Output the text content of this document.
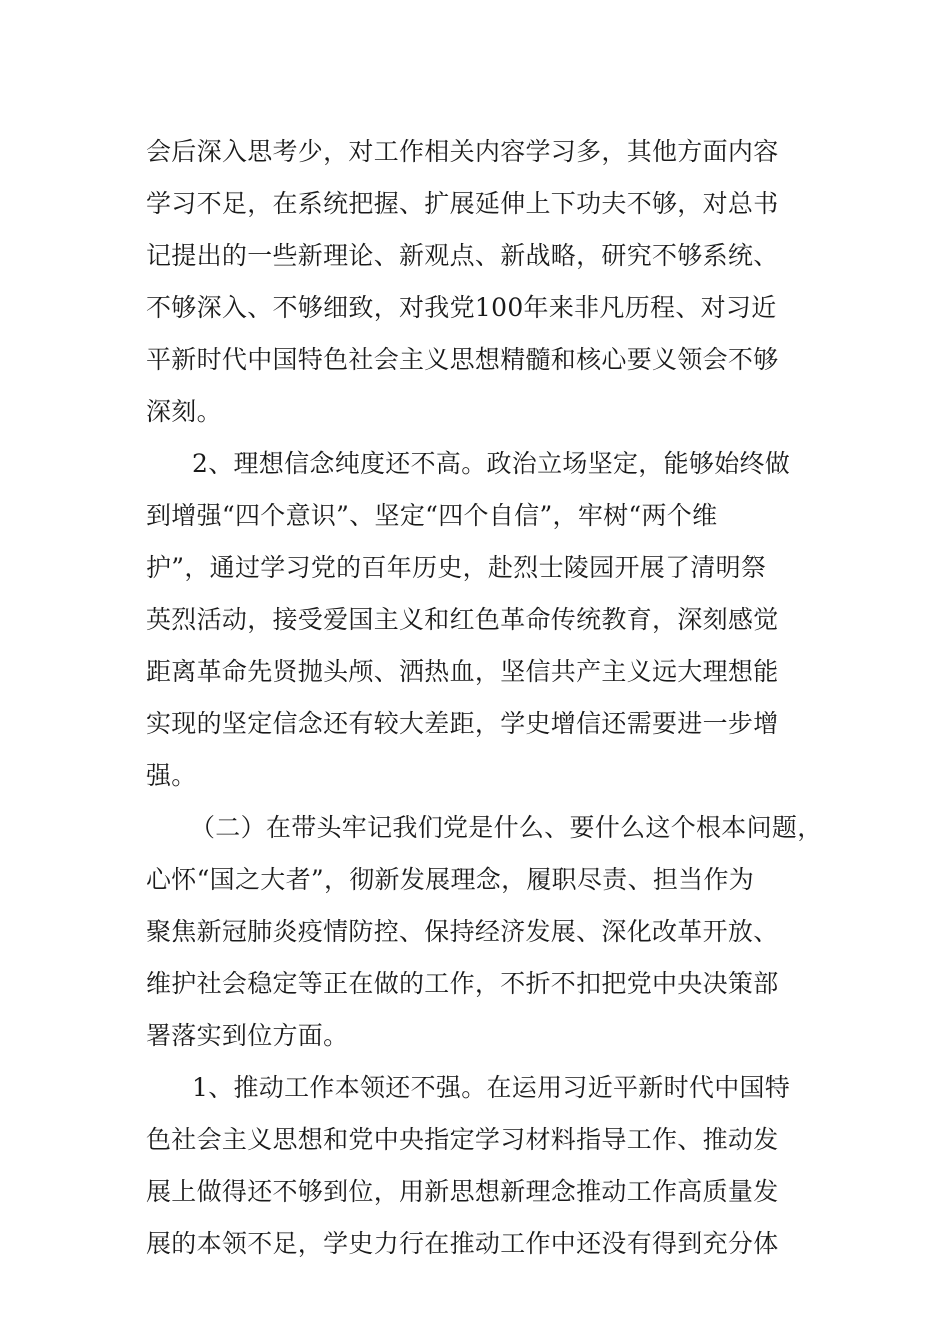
会后深入思考少，对工作相关内容学习多，其他方面内容
学习不足，在系统把握、扩展延伸上下功夫不够，对总书
记提出的一些新理论、新观点、新战略，研究不够系统、
不够深入、不够细致，对我党100年来非凡历程、对习近
平新时代中国特色社会主义思想精髓和核心要义领会不够
深刻。
2、理想信念纯度还不高。政治立场坚定，能够始终做
到增强“四个意识”、坚定“四个自信”，牢树“两个维
护”，通过学习党的百年历史，赴烈士陵园开展了清明祭
英烈活动，接受爱国主义和红色革命传统教育，深刻感觉
距离革命先贤抛头颅、洒热血，坚信共产主义远大理想能
实现的坚定信念还有较大差距，学史增信还需要进一步增
强。
（二）在带头牢记我们党是什么、要什么这个根本问题，
心怀“国之大者”，彻新发展理念，履职尽责、担当作为
聚焦新冠肺炎疫情防控、保持经济发展、深化改革开放、
维护社会稳定等正在做的工作，不折不扣把党中央决策部
署落实到位方面。
1、推动工作本领还不强。在运用习近平新时代中国特
色社会主义思想和党中央指定学习材料指导工作、推动发
展上做得还不够到位，用新思想新理念推动工作高质量发
展的本领不足，学史力行在推动工作中还没有得到充分体
